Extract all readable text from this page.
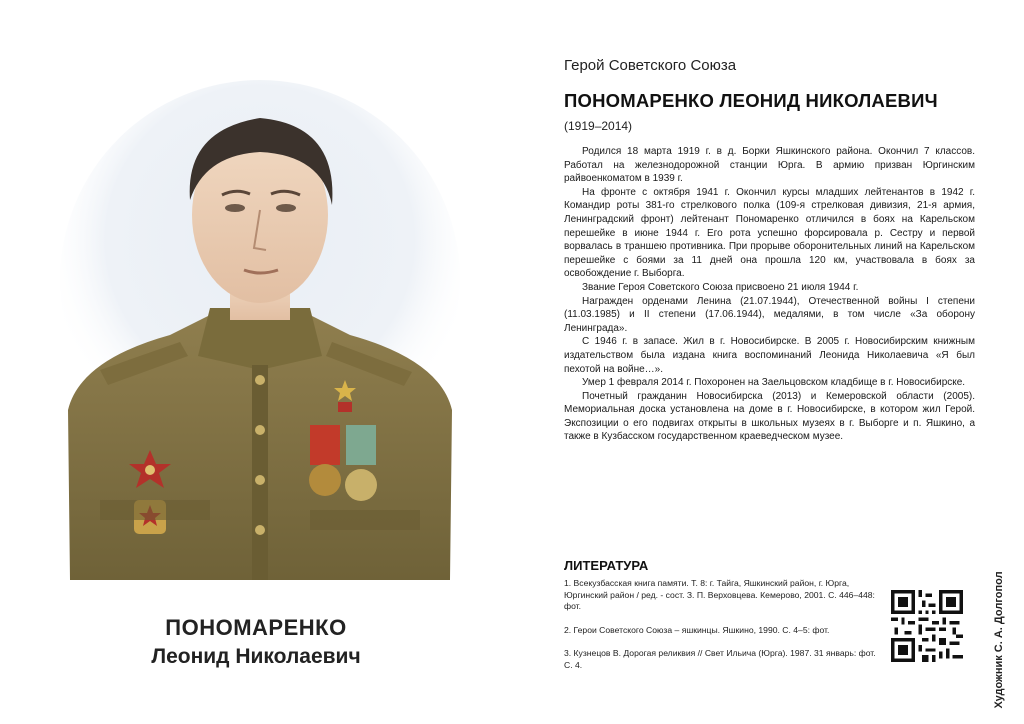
ПОНОМАРЕНКО
Леонид Николаевич
Герой Советского Союза
ПОНОМАРЕНКО ЛЕОНИД НИКОЛАЕВИЧ
(1919–2014)

Родился 18 марта 1919 г. в д. Борки Яшкинского района. Окончил 7 классов. Работал на железнодорожной станции Юрга. В армию призван Юргинским райвоенкоматом в 1939 г.

На фронте с октября 1941 г. Окончил курсы младших лейтенантов в 1942 г. Командир роты 381-го стрелкового полка (109-я стрелковая дивизия, 21-я армия, Ленинградский фронт) лейтенант Пономаренко отличился в боях на Карельском перешейке в июне 1944 г. Его рота успешно форсировала р. Сестру и первой ворвалась в траншею противника. При прорыве оборонительных линий на Карельском перешейке с боями за 11 дней она прошла 120 км, участвовала в боях за освобождение г. Выборга.

Звание Героя Советского Союза присвоено 21 июля 1944 г.

Награжден орденами Ленина (21.07.1944), Отечественной войны I степени (11.03.1985) и II степени (17.06.1944), медалями, в том числе «За оборону Ленинграда».

С 1946 г. в запасе. Жил в г. Новосибирске. В 2005 г. Новосибирским книжным издательством была издана книга воспоминаний Леонида Николаевича «Я был пехотой на войне…».

Умер 1 февраля 2014 г. Похоронен на Заельцовском кладбище в г. Новосибирске.

Почетный гражданин Новосибирска (2013) и Кемеровской области (2005). Мемориальная доска установлена на доме в г. Новосибирске, в котором жил Герой. Экспозиции о его подвигах открыты в школьных музеях в г. Выборге и п. Яшкино, а также в Кузбасском государственном краеведческом музее.

ЛИТЕРАТУРА
1. Всекузбасская книга памяти. Т. 8: г. Тайга, Яшкинский район, г. Юрга, Юргинский район / ред. - сост. З. П. Верховцева. Кемерово, 2001. С. 446–448: фот.
2. Герои Советского Союза – яшкинцы. Яшкино, 1990. С. 4–5: фот.
3. Кузнецов В. Дорогая реликвия // Свет Ильича (Юрга). 1987. 31 январь: фот. С. 4.	Художник С. А. Долгопол
